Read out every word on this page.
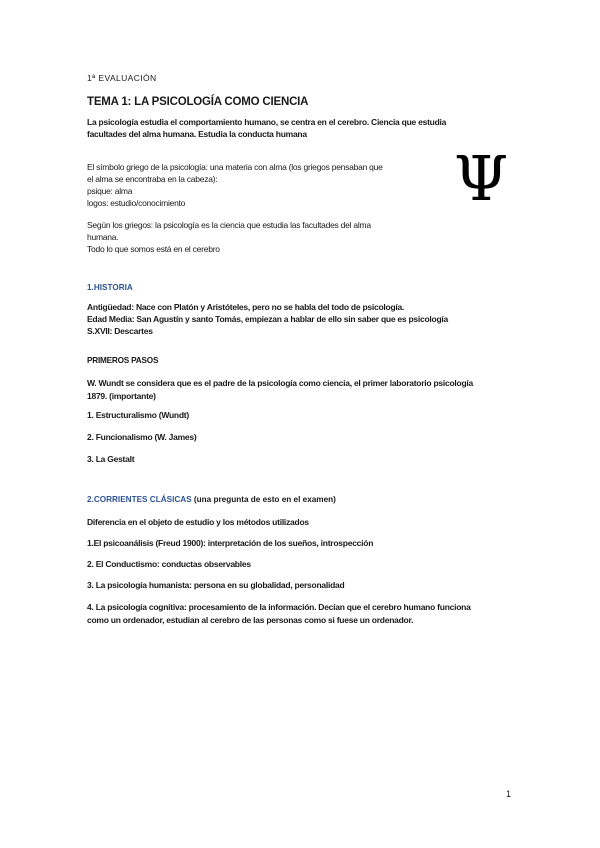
1ª EVALUACIÓN

TEMA 1: LA PSICOLOGÍA COMO CIENCIA

La psicología estudia el comportamiento humano, se centra en el cerebro. Ciencia que estudia

facultades del alma humana. Estudia la conducta humana

El símbolo griego de la psicología: una materia con alma (los griegos pensaban que

el alma se encontraba en la cabeza):

psique: alma

logos: estudio/conocimiento	Ψ

Según los griegos: la psicología es la ciencia que estudia las facultades del alma

humana.

Todo lo que somos está en el cerebro

1.HISTORIA

Antigüedad: Nace con Platón y Aristóteles, pero no se habla del todo de psicología.

Edad Media: San Agustín y santo Tomás, empiezan a hablar de ello sin saber que es psicología

S.XVII: Descartes

PRIMEROS PASOS

W. Wundt se considera que es el padre de la psicología como ciencia, el primer laboratorio psicología

1879. (importante)

1. Estructuralismo (Wundt)

2. Funcionalismo (W. James)

3. La Gestalt

2.CORRIENTES CLÁSICAS (una pregunta de esto en el examen)

Diferencia en el objeto de estudio y los métodos utilizados

1.El psicoanálisis (Freud 1900): interpretación de los sueños, introspección

2. El Conductismo: conductas observables

3. La psicología humanista: persona en su globalidad, personalidad

4. La psicología cognitiva: procesamiento de la información. Decían que el cerebro humano funciona

como un ordenador, estudian al cerebro de las personas como si fuese un ordenador.

1
